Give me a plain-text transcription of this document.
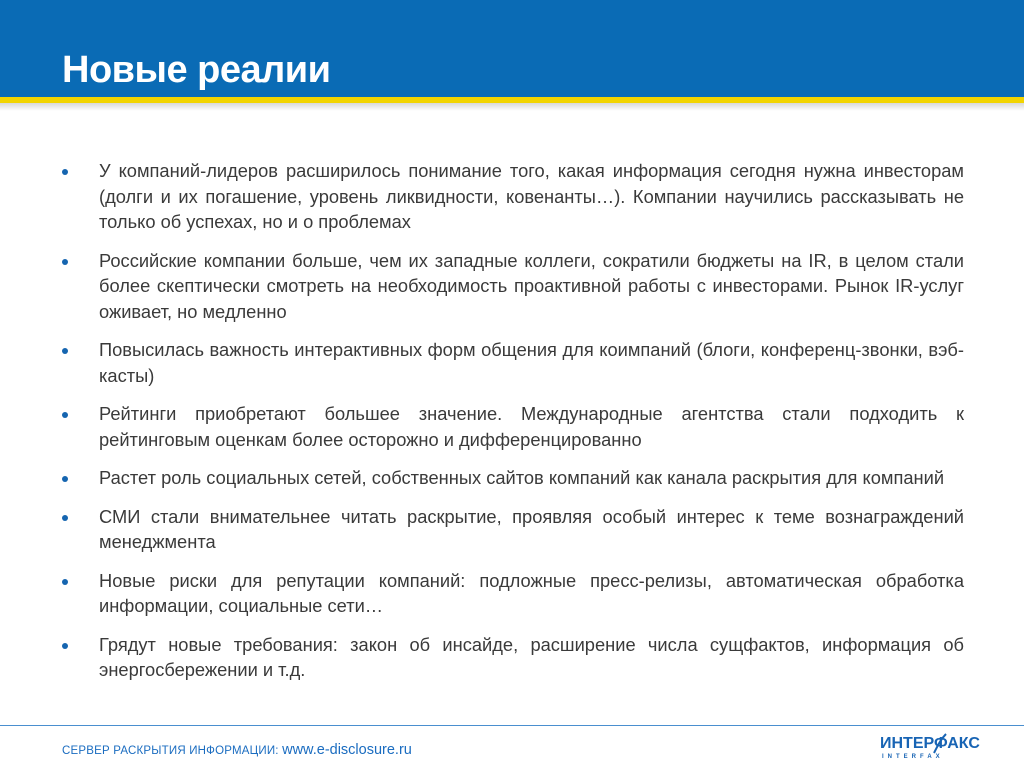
Новые реалии
У компаний-лидеров расширилось понимание того, какая информация сегодня нужна инвесторам (долги и их погашение, уровень ликвидности, ковенанты…). Компании научились рассказывать не только об успехах, но и о проблемах
Российские компании больше, чем их западные коллеги, сократили бюджеты на IR, в целом стали более скептически смотреть на необходимость проактивной работы с инвесторами. Рынок IR-услуг оживает, но медленно
Повысилась важность интерактивных форм общения для коимпаний (блоги, конференц-звонки, вэб-касты)
Рейтинги приобретают большее значение. Международные агентства стали подходить к рейтинговым оценкам более осторожно и дифференцированно
Растет роль социальных сетей, собственных сайтов компаний как канала раскрытия для компаний
СМИ стали внимательнее читать раскрытие, проявляя особый интерес к теме вознаграждений менеджмента
Новые риски для репутации компаний: подложные пресс-релизы, автоматическая обработка информации, социальные сети…
Грядут новые требования: закон об инсайде, расширение числа сущфактов, информация об энергосбережении и т.д.
СЕРВЕР РАСКРЫТИЯ ИНФОРМАЦИИ: www.e-disclosure.ru	ИНТЕРФАКС
INTERFAX
